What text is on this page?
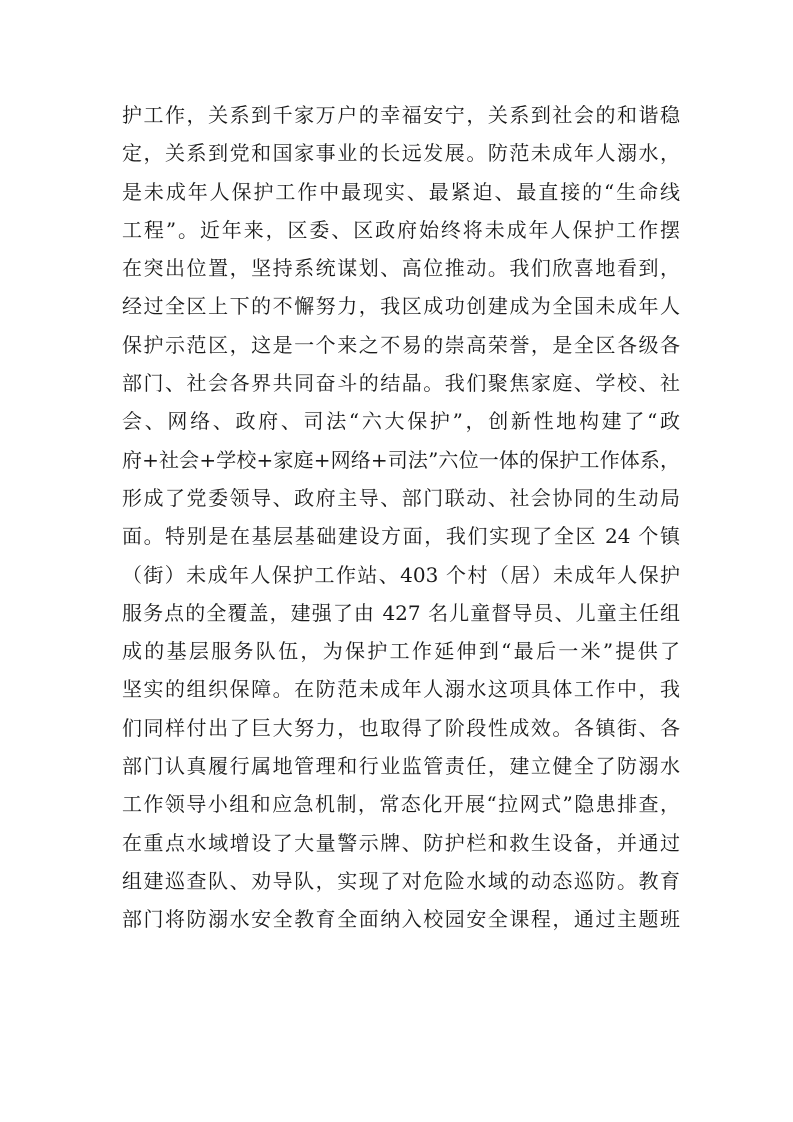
护工作，关系到千家万户的幸福安宁，关系到社会的和谐稳
定，关系到党和国家事业的长远发展。防范未成年人溺水，
是未成年人保护工作中最现实、最紧迫、最直接的“生命线
工程”。近年来，区委、区政府始终将未成年人保护工作摆
在突出位置，坚持系统谋划、高位推动。我们欣喜地看到，
经过全区上下的不懈努力，我区成功创建成为全国未成年人
保护示范区，这是一个来之不易的崇高荣誉，是全区各级各
部门、社会各界共同奋斗的结晶。我们聚焦家庭、学校、社
会、网络、政府、司法“六大保护”，创新性地构建了“政
府+社会+学校+家庭+网络+司法”六位一体的保护工作体系，
形成了党委领导、政府主导、部门联动、社会协同的生动局
面。特别是在基层基础建设方面，我们实现了全区 24 个镇
（街）未成年人保护工作站、403 个村（居）未成年人保护
服务点的全覆盖，建强了由 427 名儿童督导员、儿童主任组
成的基层服务队伍，为保护工作延伸到“最后一米”提供了
坚实的组织保障。在防范未成年人溺水这项具体工作中，我
们同样付出了巨大努力，也取得了阶段性成效。各镇街、各
部门认真履行属地管理和行业监管责任，建立健全了防溺水
工作领导小组和应急机制，常态化开展“拉网式”隐患排查，
在重点水域增设了大量警示牌、防护栏和救生设备，并通过
组建巡查队、劝导队，实现了对危险水域的动态巡防。教育
部门将防溺水安全教育全面纳入校园安全课程，通过主题班
